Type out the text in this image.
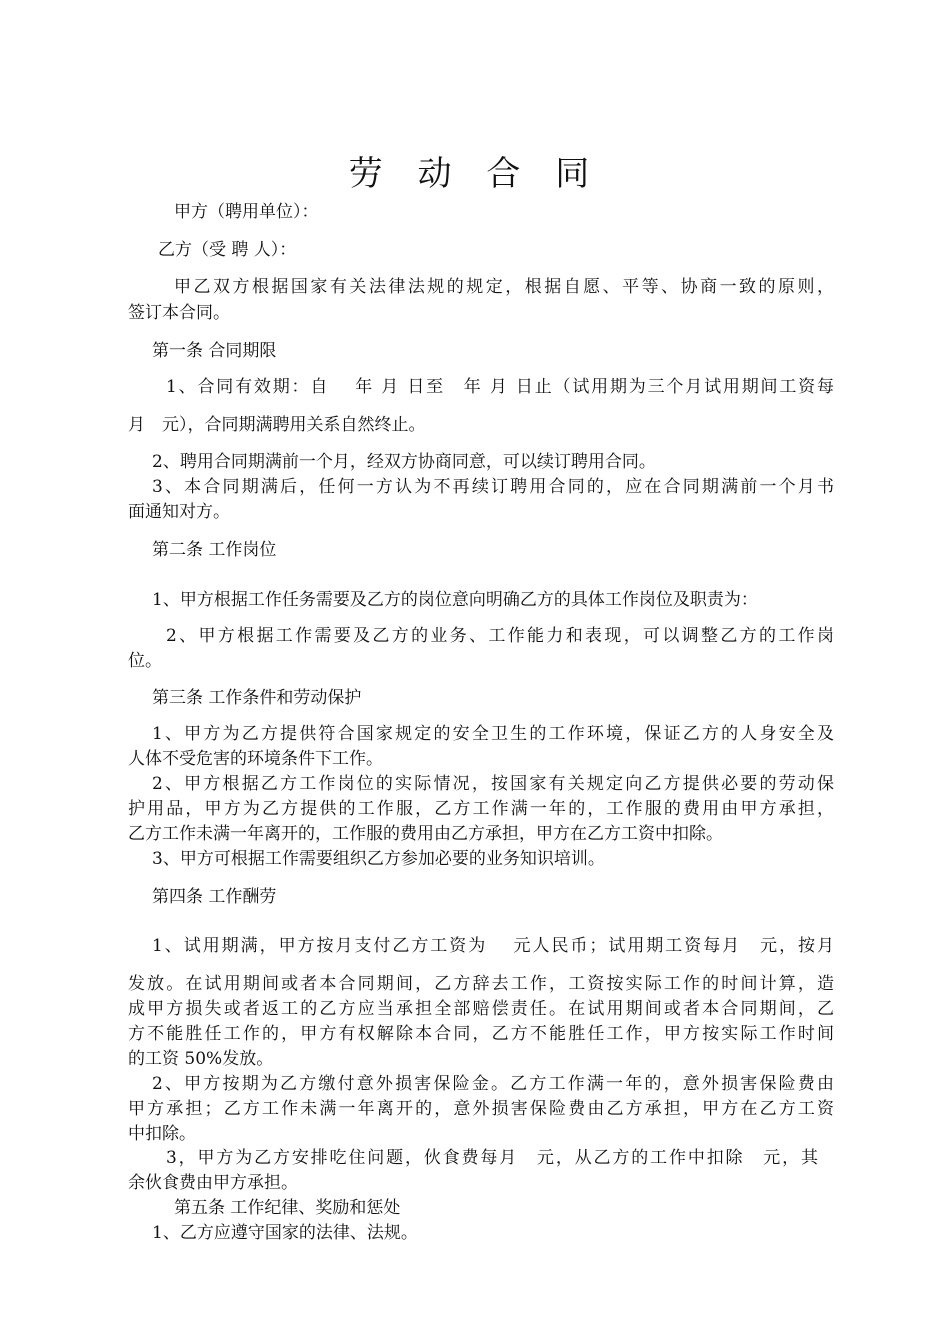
劳 动 合 同
甲方（聘用单位）：
乙方（受 聘 人）：
甲乙双方根据国家有关法律法规的规定，根据自愿、平等、协商一致的原则，
签订本合同。
第一条 合同期限
1、合同有效期：自　 年 月 日至　年 月 日止（试用期为三个月试用期间工资每
月　元），合同期满聘用关系自然终止。
2、聘用合同期满前一个月，经双方协商同意，可以续订聘用合同。
3、本合同期满后，任何一方认为不再续订聘用合同的，应在合同期满前一个月书
面通知对方。
第二条 工作岗位
1、甲方根据工作任务需要及乙方的岗位意向明确乙方的具体工作岗位及职责为：
2、甲方根据工作需要及乙方的业务、工作能力和表现，可以调整乙方的工作岗
位。
第三条 工作条件和劳动保护
1、甲方为乙方提供符合国家规定的安全卫生的工作环境，保证乙方的人身安全及
人体不受危害的环境条件下工作。
2、甲方根据乙方工作岗位的实际情况，按国家有关规定向乙方提供必要的劳动保
护用品，甲方为乙方提供的工作服，乙方工作满一年的，工作服的费用由甲方承担，
乙方工作未满一年离开的，工作服的费用由乙方承担，甲方在乙方工资中扣除。
3、甲方可根据工作需要组织乙方参加必要的业务知识培训。
第四条 工作酬劳
1、试用期满，甲方按月支付乙方工资为　 元人民币；试用期工资每月　元，按月
发放。在试用期间或者本合同期间，乙方辞去工作，工资按实际工作的时间计算，造
成甲方损失或者返工的乙方应当承担全部赔偿责任。在试用期间或者本合同期间，乙
方不能胜任工作的，甲方有权解除本合同，乙方不能胜任工作，甲方按实际工作时间
的工资 50%发放。
2、甲方按期为乙方缴付意外损害保险金。乙方工作满一年的，意外损害保险费由
甲方承担；乙方工作未满一年离开的，意外损害保险费由乙方承担，甲方在乙方工资
中扣除。
3，甲方为乙方安排吃住问题，伙食费每月　元，从乙方的工作中扣除　元，其
余伙食费由甲方承担。
第五条 工作纪律、奖励和惩处
1、乙方应遵守国家的法律、法规。
